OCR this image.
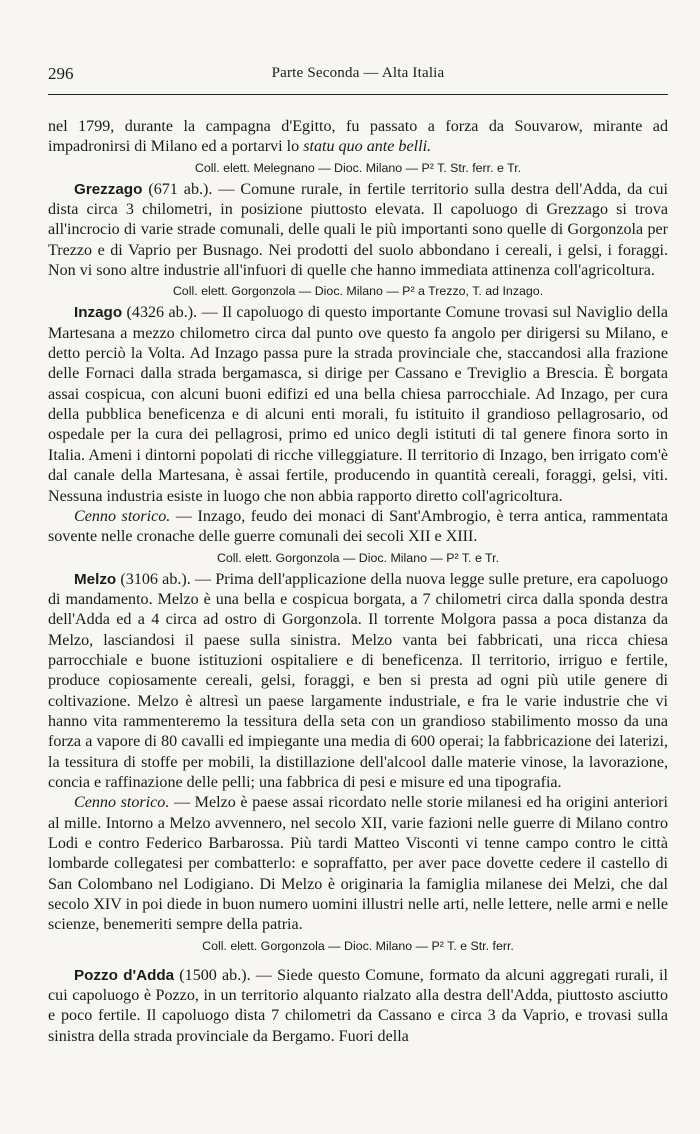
296	Parte Seconda — Alta Italia

nel 1799, durante la campagna d'Egitto, fu passato a forza da Souvarow, mirante ad impadronirsi di Milano ed a portarvi lo statu quo ante belli.

Coll. elett. Melegnano — Dioc. Milano — P² T. Str. ferr. e Tr.

Grezzago (671 ab.). — Comune rurale, in fertile territorio sulla destra dell'Adda, da cui dista circa 3 chilometri, in posizione piuttosto elevata. Il capoluogo di Grezzago si trova all'incrocio di varie strade comunali, delle quali le più importanti sono quelle di Gorgonzola per Trezzo e di Vaprio per Busnago. Nei prodotti del suolo abbondano i cereali, i gelsi, i foraggi. Non vi sono altre industrie all'infuori di quelle che hanno immediata attinenza coll'agricoltura.

Coll. elett. Gorgonzola — Dioc. Milano — P² a Trezzo, T. ad Inzago.

Inzago (4326 ab.). — Il capoluogo di questo importante Comune trovasi sul Naviglio della Martesana a mezzo chilometro circa dal punto ove questo fa angolo per dirigersi su Milano, e detto perciò la Volta. Ad Inzago passa pure la strada provinciale che, staccandosi alla frazione delle Fornaci dalla strada bergamasca, si dirige per Cassano e Treviglio a Brescia. È borgata assai cospicua, con alcuni buoni edifizi ed una bella chiesa parrocchiale. Ad Inzago, per cura della pubblica beneficenza e di alcuni enti morali, fu istituito il grandioso pellagrosario, od ospedale per la cura dei pellagrosi, primo ed unico degli istituti di tal genere finora sorto in Italia. Ameni i dintorni popolati di ricche villeggiature. Il territorio di Inzago, ben irrigato com'è dal canale della Martesana, è assai fertile, producendo in quantità cereali, foraggi, gelsi, viti. Nessuna industria esiste in luogo che non abbia rapporto diretto coll'agricoltura.

Cenno storico. — Inzago, feudo dei monaci di Sant'Ambrogio, è terra antica, rammentata sovente nelle cronache delle guerre comunali dei secoli XII e XIII.

Coll. elett. Gorgonzola — Dioc. Milano — P² T. e Tr.

Melzo (3106 ab.). — Prima dell'applicazione della nuova legge sulle preture, era capoluogo di mandamento. Melzo è una bella e cospicua borgata, a 7 chilometri circa dalla sponda destra dell'Adda ed a 4 circa ad ostro di Gorgonzola. Il torrente Molgora passa a poca distanza da Melzo, lasciandosi il paese sulla sinistra. Melzo vanta bei fabbricati, una ricca chiesa parrocchiale e buone istituzioni ospitaliere e di beneficenza. Il territorio, irriguo e fertile, produce copiosamente cereali, gelsi, foraggi, e ben si presta ad ogni più utile genere di coltivazione. Melzo è altresì un paese largamente industriale, e fra le varie industrie che vi hanno vita rammenteremo la tessitura della seta con un grandioso stabilimento mosso da una forza a vapore di 80 cavalli ed impiegante una media di 600 operai; la fabbricazione dei laterizi, la tessitura di stoffe per mobili, la distillazione dell'alcool dalle materie vinose, la lavorazione, concia e raffinazione delle pelli; una fabbrica di pesi e misure ed una tipografia.

Cenno storico. — Melzo è paese assai ricordato nelle storie milanesi ed ha origini anteriori al mille. Intorno a Melzo avvennero, nel secolo XII, varie fazioni nelle guerre di Milano contro Lodi e contro Federico Barbarossa. Più tardi Matteo Visconti vi tenne campo contro le città lombarde collegatesi per combatterlo: e sopraffatto, per aver pace dovette cedere il castello di San Colombano nel Lodigiano. Di Melzo è originaria la famiglia milanese dei Melzi, che dal secolo XIV in poi diede in buon numero uomini illustri nelle arti, nelle lettere, nelle armi e nelle scienze, benemeriti sempre della patria.

Coll. elett. Gorgonzola — Dioc. Milano — P² T. e Str. ferr.

Pozzo d'Adda (1500 ab.). — Siede questo Comune, formato da alcuni aggregati rurali, il cui capoluogo è Pozzo, in un territorio alquanto rialzato alla destra dell'Adda, piuttosto asciutto e poco fertile. Il capoluogo dista 7 chilometri da Cassano e circa 3 da Vaprio, e trovasi sulla sinistra della strada provinciale da Bergamo. Fuori della
